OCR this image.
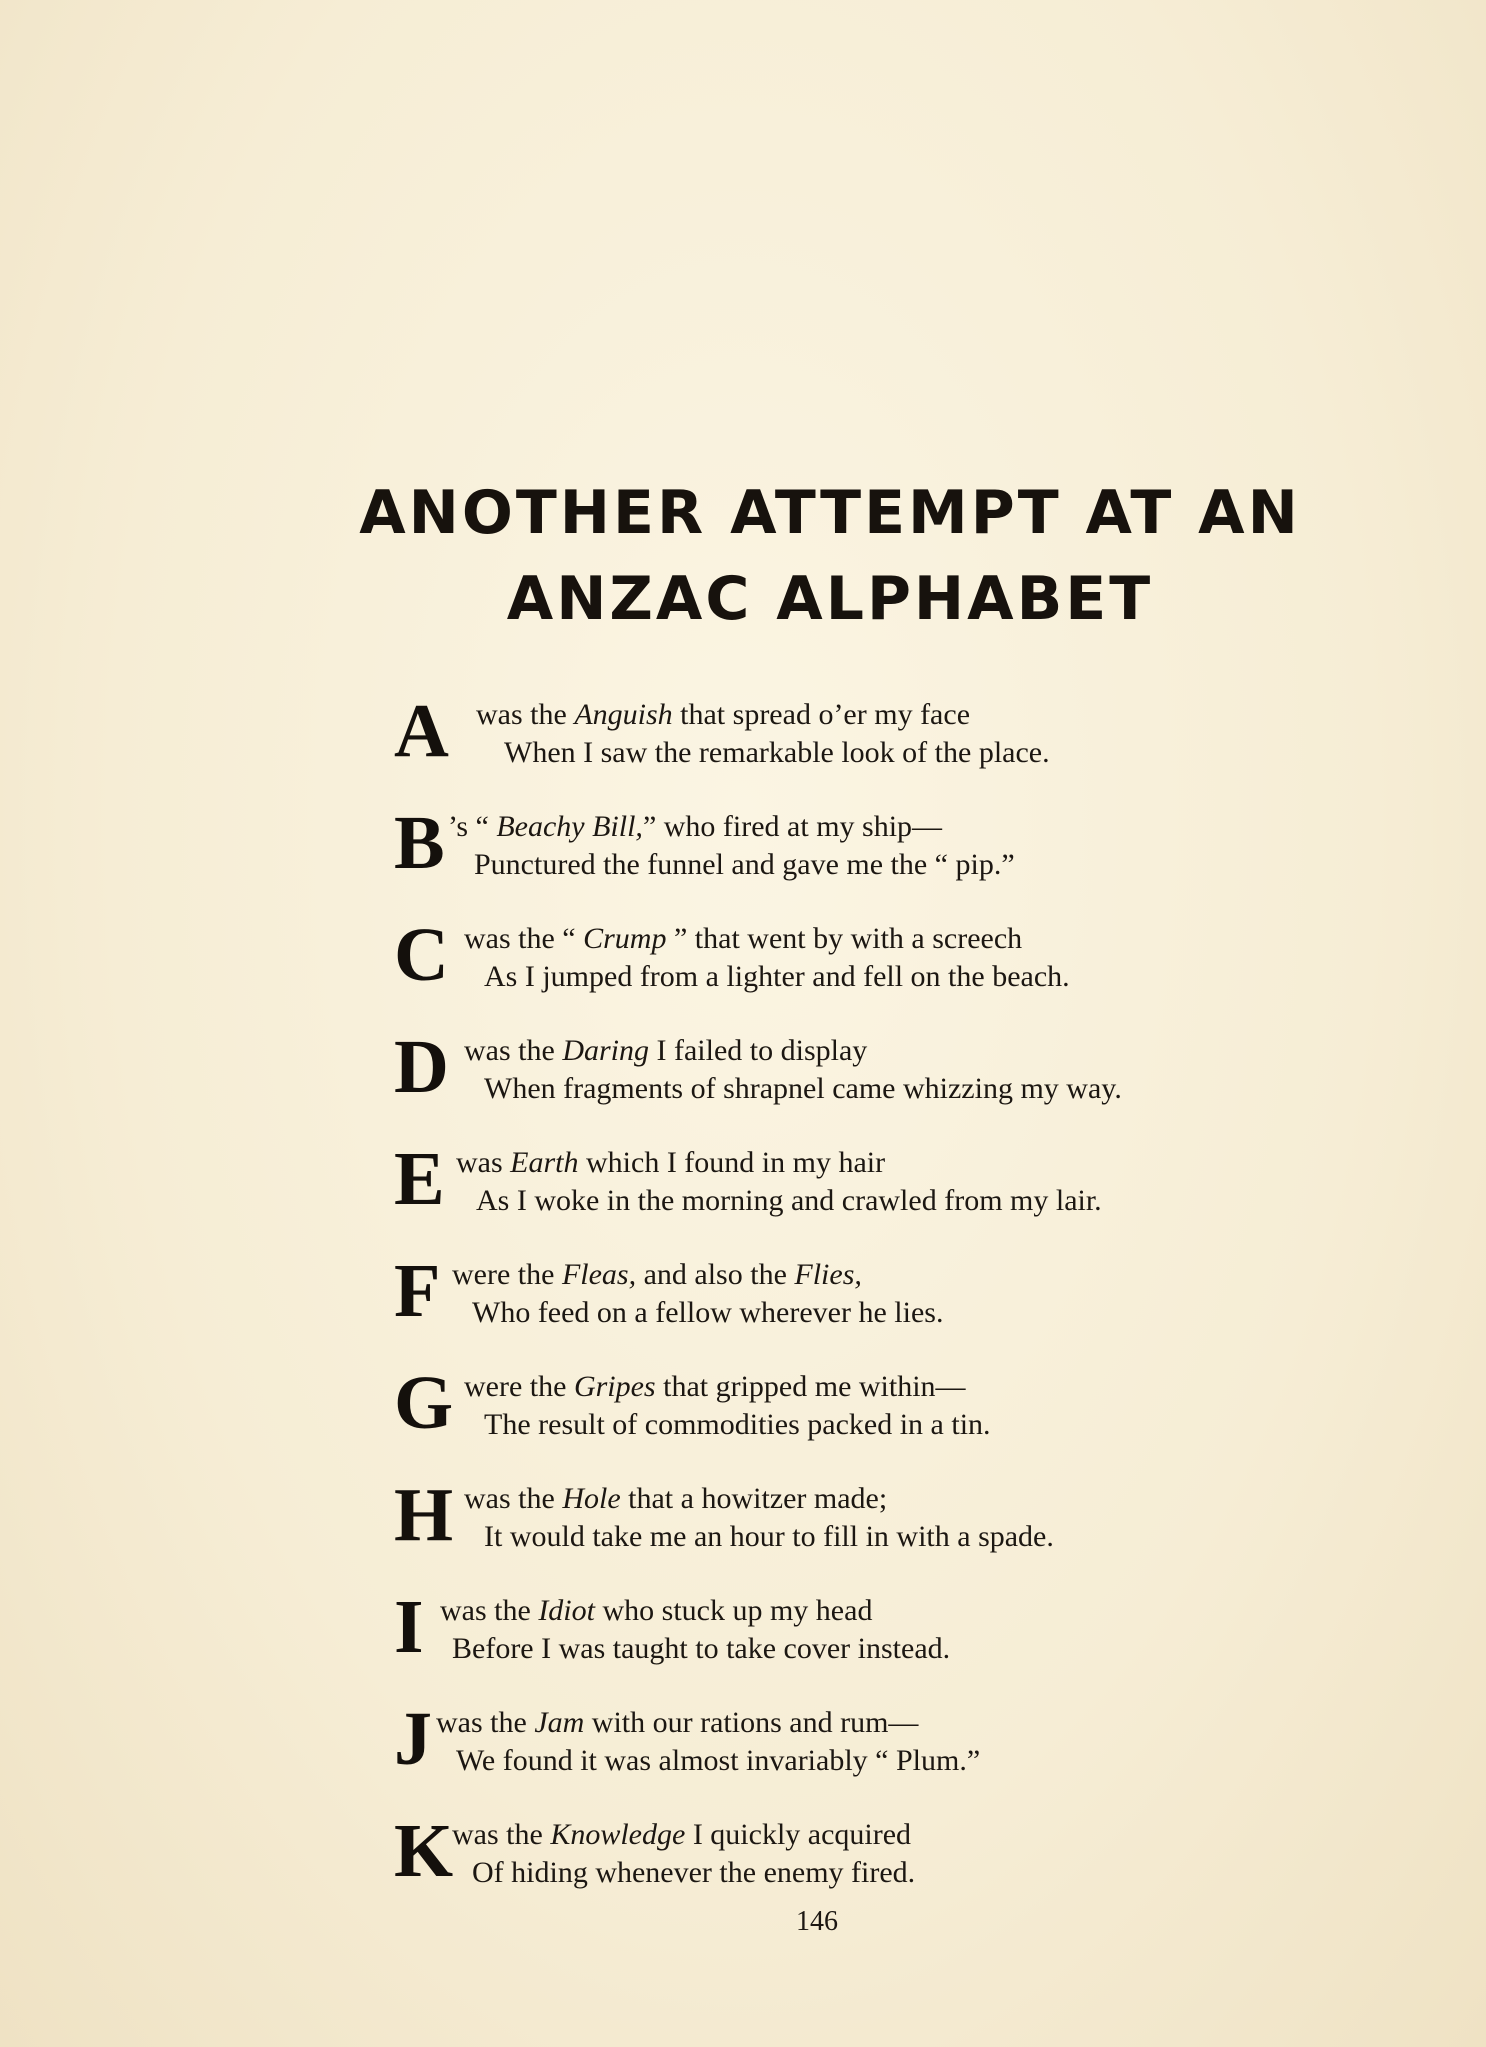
ANOTHER ATTEMPT AT AN
ANZAC ALPHABET
A was the Anguish that spread o’er my face
When I saw the remarkable look of the place.
B ’s “ Beachy Bill,” who fired at my ship—
Punctured the funnel and gave me the “ pip.”
C was the “ Crump ” that went by with a screech
As I jumped from a lighter and fell on the beach.
D was the Daring I failed to display
When fragments of shrapnel came whizzing my way.
E was Earth which I found in my hair
As I woke in the morning and crawled from my lair.
F were the Fleas, and also the Flies,
Who feed on a fellow wherever he lies.
G were the Gripes that gripped me within—
The result of commodities packed in a tin.
H was the Hole that a howitzer made;
It would take me an hour to fill in with a spade.
I was the Idiot who stuck up my head
Before I was taught to take cover instead.
J was the Jam with our rations and rum—
We found it was almost invariably “ Plum.”
K
was the Knowledge I quickly acquired
Of hiding whenever the enemy fired.
146
